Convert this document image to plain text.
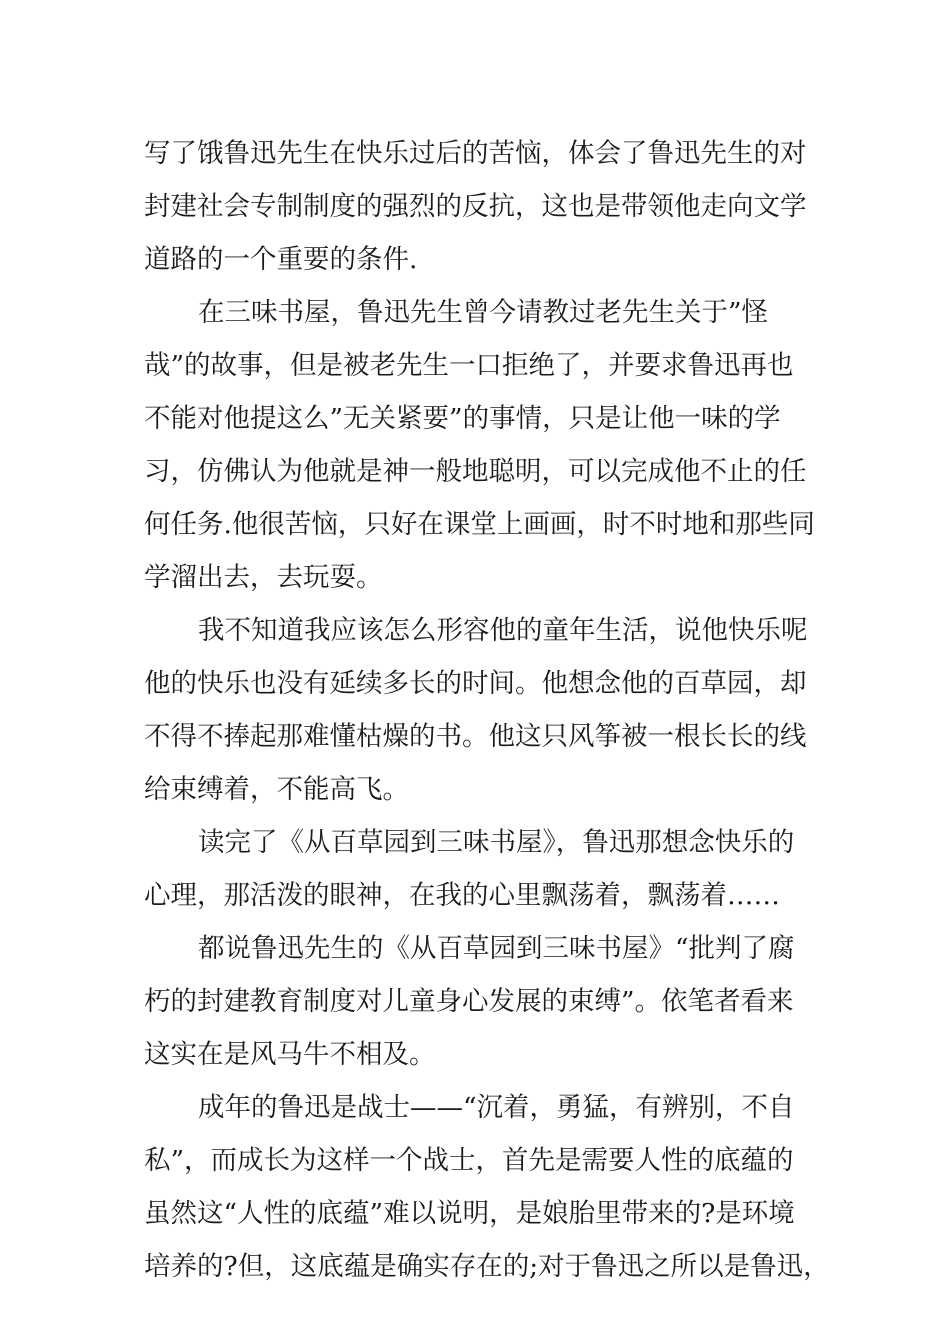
写了饿鲁迅先生在快乐过后的苦恼，体会了鲁迅先生的对
封建社会专制制度的强烈的反抗，这也是带领他走向文学
道路的一个重要的条件.
在三味书屋，鲁迅先生曾今请教过老先生关于”怪
哉”的故事，但是被老先生一口拒绝了，并要求鲁迅再也
不能对他提这么”无关紧要”的事情，只是让他一味的学
习，仿佛认为他就是神一般地聪明，可以完成他不止的任
何任务.他很苦恼，只好在课堂上画画，时不时地和那些同
学溜出去，去玩耍。
我不知道我应该怎么形容他的童年生活，说他快乐呢
他的快乐也没有延续多长的时间。他想念他的百草园，却
不得不捧起那难懂枯燥的书。他这只风筝被一根长长的线
给束缚着，不能高飞。
读完了《从百草园到三味书屋》，鲁迅那想念快乐的
心理，那活泼的眼神，在我的心里飘荡着，飘荡着……
都说鲁迅先生的《从百草园到三味书屋》“批判了腐
朽的封建教育制度对儿童身心发展的束缚”。依笔者看来
这实在是风马牛不相及。
成年的鲁迅是战士——“沉着，勇猛，有辨别，不自
私”，而成长为这样一个战士，首先是需要人性的底蕴的
虽然这“人性的底蕴”难以说明，是娘胎里带来的?是环境
培养的?但，这底蕴是确实存在的;对于鲁迅之所以是鲁迅，
